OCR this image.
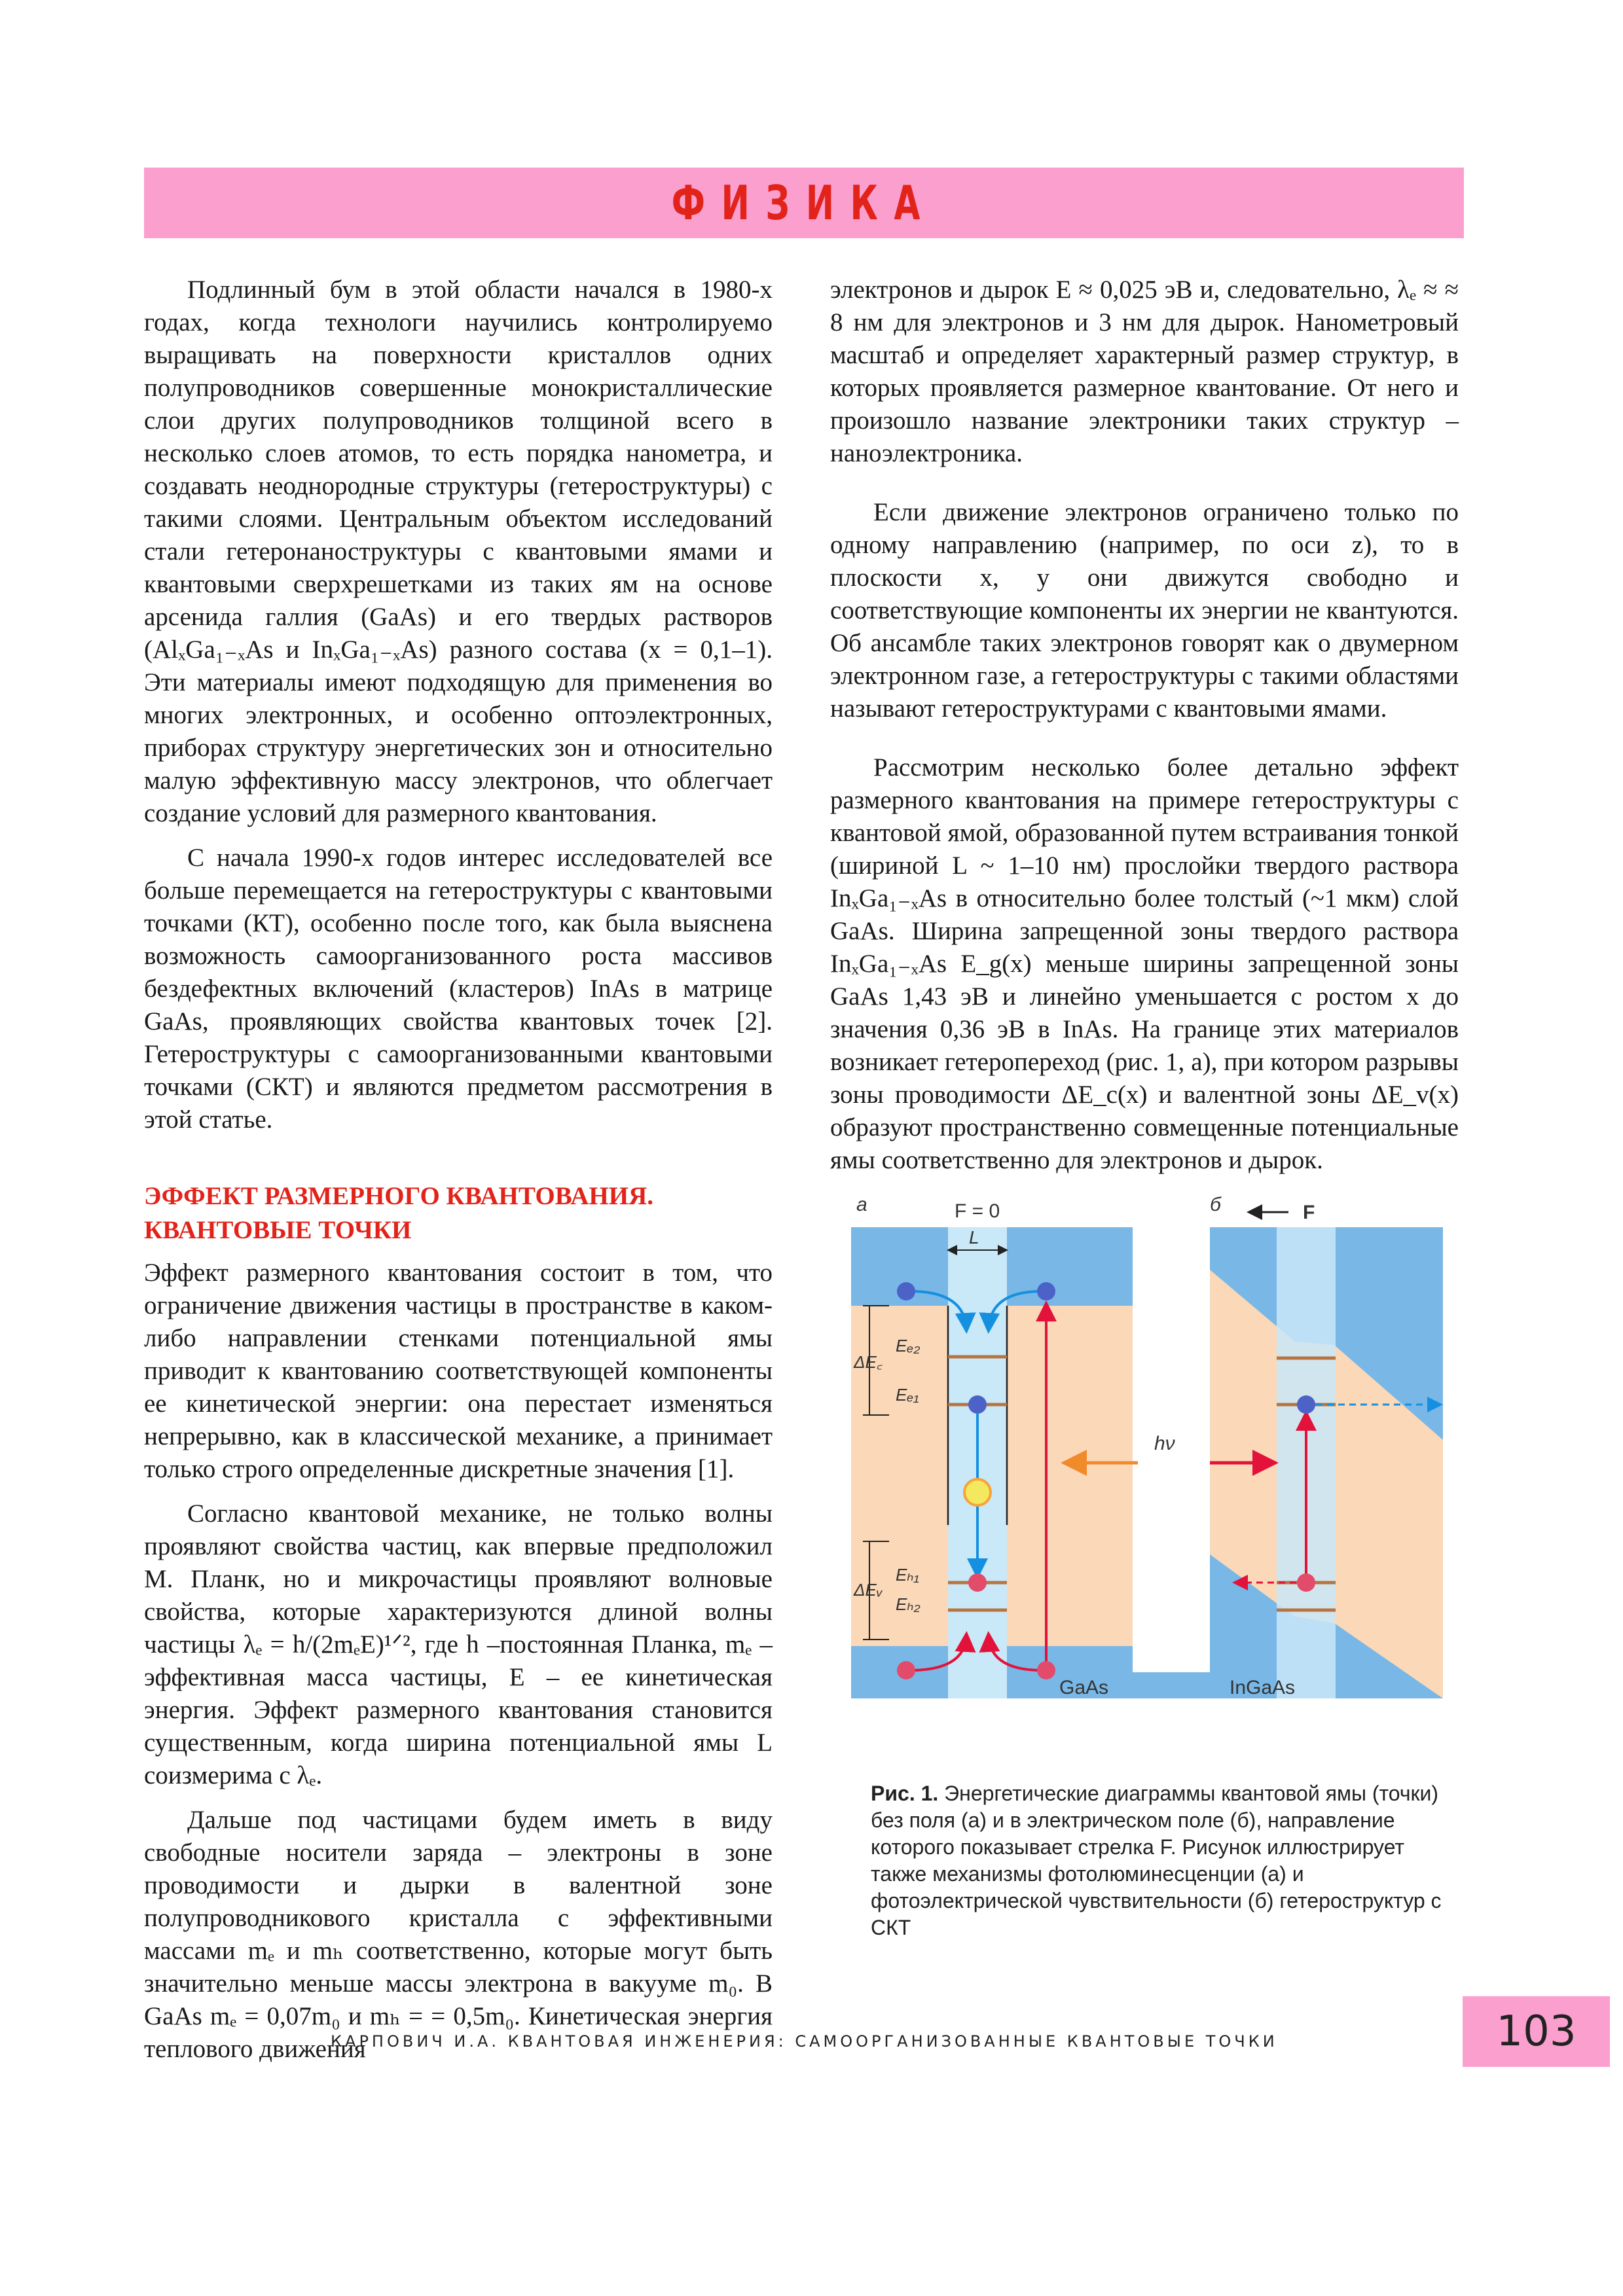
ФИЗИКА

Подлинный бум в этой области начался в 1980-х годах, когда технологи научились контролируемо выращивать на поверхности кристаллов одних полупроводников совершенные монокристаллические слои других полупроводников толщиной всего в несколько слоев атомов, то есть порядка нанометра, и создавать неоднородные структуры (гетероструктуры) с такими слоями. Центральным объектом исследований стали гетеронаноструктуры с квантовыми ямами и квантовыми сверхрешетками из таких ям на основе арсенида галлия (GaAs) и его твердых растворов (AlₓGa₁₋ₓAs и InₓGa₁₋ₓAs) разного состава (x = 0,1–1). Эти материалы имеют подходящую для применения во многих электронных, и особенно оптоэлектронных, приборах структуру энергетических зон и относительно малую эффективную массу электронов, что облегчает создание условий для размерного квантования.

С начала 1990-х годов интерес исследователей все больше перемещается на гетероструктуры с квантовыми точками (КТ), особенно после того, как была выяснена возможность самоорганизованного роста массивов бездефектных включений (кластеров) InAs в матрице GaAs, проявляющих свойства квантовых точек [2]. Гетероструктуры с самоорганизованными квантовыми точками (СКТ) и являются предметом рассмотрения в этой статье.

ЭФФЕКТ РАЗМЕРНОГО КВАНТОВАНИЯ.
КВАНТОВЫЕ ТОЧКИ

Эффект размерного квантования состоит в том, что ограничение движения частицы в пространстве в каком-либо направлении стенками потенциальной ямы приводит к квантованию соответствующей компоненты ее кинетической энергии: она перестает изменяться непрерывно, как в классической механике, а принимает только строго определенные дискретные значения [1].

Согласно квантовой механике, не только волны проявляют свойства частиц, как впервые предположил М. Планк, но и микрочастицы проявляют волновые свойства, которые характеризуются длиной волны частицы λₑ = h/(2mₑE)¹ᐟ², где h –постоянная Планка, mₑ – эффективная масса частицы, E – ее кинетическая энергия. Эффект размерного квантования становится существенным, когда ширина потенциальной ямы L соизмерима с λₑ.

Дальше под частицами будем иметь в виду свободные носители заряда – электроны в зоне проводимости и дырки в валентной зоне полупроводникового кристалла с эффективными массами mₑ и mₕ соответственно, которые могут быть значительно меньше массы электрона в вакууме m₀. В GaAs mₑ = 0,07m₀ и mₕ = = 0,5m₀. Кинетическая энергия теплового движения

электронов и дырок E ≈ 0,025 эВ и, следовательно, λₑ ≈ ≈ 8 нм для электронов и 3 нм для дырок. Нанометровый масштаб и определяет характерный размер структур, в которых проявляется размерное квантование. От него и произошло название электроники таких структур – наноэлектроника.

Если движение электронов ограничено только по одному направлению (например, по оси z), то в плоскости x, y они движутся свободно и соответствующие компоненты их энергии не квантуются. Об ансамбле таких электронов говорят как о двумерном электронном газе, а гетероструктуры с такими областями называют гетероструктурами с квантовыми ямами.

Рассмотрим несколько более детально эффект размерного квантования на примере гетероструктуры с квантовой ямой, образованной путем встраивания тонкой (шириной L ~ 1–10 нм) прослойки твердого раствора InₓGa₁₋ₓAs в относительно более толстый (~1 мкм) слой GaAs. Ширина запрещенной зоны твердого раствора InₓGa₁₋ₓAs E_g(x) меньше ширины запрещенной зоны GaAs 1,43 эВ и линейно уменьшается с ростом x до значения 0,36 эВ в InAs. На границе этих материалов возникает гетеропереход (рис. 1, а), при котором разрывы зоны проводимости ΔE_c(x) и валентной зоны ΔE_v(x) образуют пространственно совмещенные потенциальные ямы соответственно для электронов и дырок.

GaAs	InGaAs
а	б
F = 0	F
L
ΔE꜀
Eₑ₂
Eₑ₁
ΔEᵥ
Eₕ₁
Eₕ₂
hν
Рис. 1. Энергетические диаграммы квантовой ямы (точки) без поля (а) и в электрическом поле (б), направление которого показывает стрелка F. Рисунок иллюстрирует также механизмы фотолюминесценции (а) и фотоэлектрической чувствительности (б) гетероструктур с СКТ
КАРПОВИЧ И.А. КВАНТОВАЯ ИНЖЕНЕРИЯ: САМООРГАНИЗОВАННЫЕ КВАНТОВЫЕ ТОЧКИ	103
